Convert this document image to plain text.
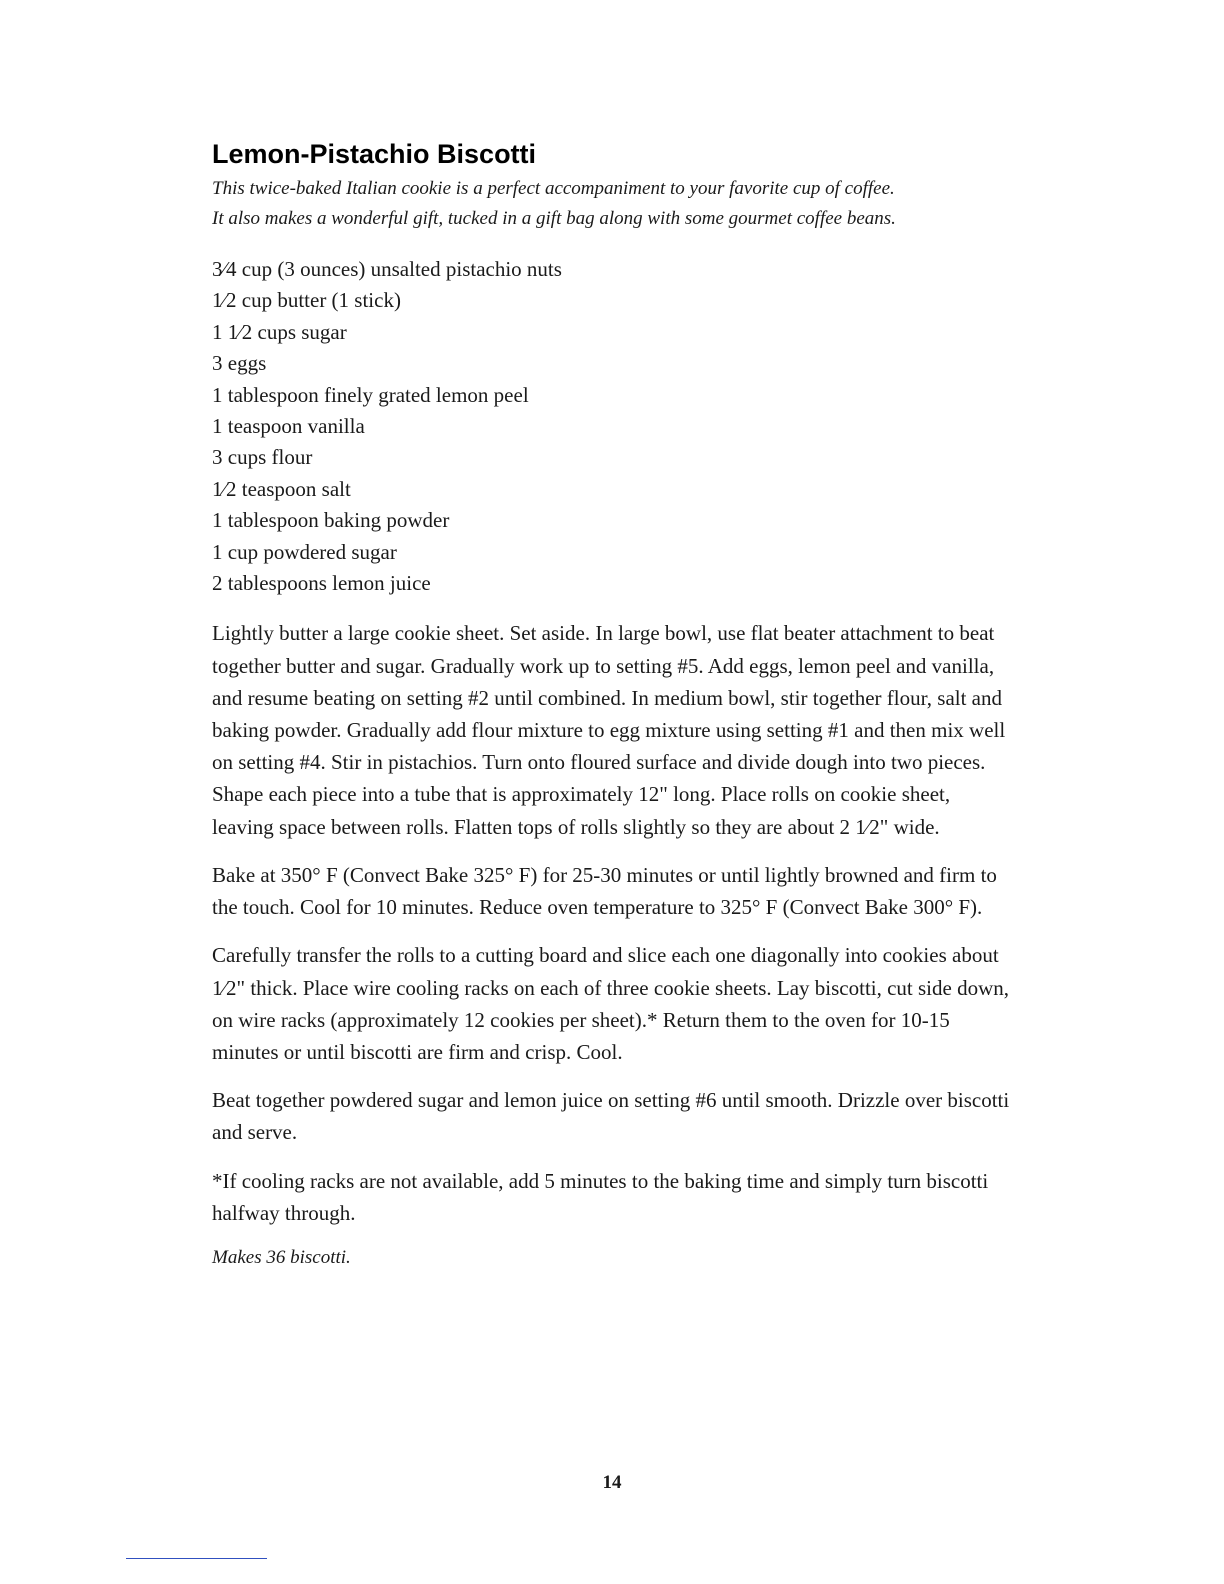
Lemon-Pistachio Biscotti

This twice-baked Italian cookie is a perfect accompaniment to your favorite cup of coffee.
It also makes a wonderful gift, tucked in a gift bag along with some gourmet coffee beans.

3⁄4 cup (3 ounces) unsalted pistachio nuts
1⁄2 cup butter (1 stick)
1 1⁄2 cups sugar
3 eggs
1 tablespoon finely grated lemon peel
1 teaspoon vanilla
3 cups flour
1⁄2 teaspoon salt
1 tablespoon baking powder
1 cup powdered sugar
2 tablespoons lemon juice

Lightly butter a large cookie sheet. Set aside. In large bowl, use flat beater attachment to beat together butter and sugar. Gradually work up to setting #5. Add eggs, lemon peel and vanilla, and resume beating on setting #2 until combined. In medium bowl, stir together flour, salt and baking powder. Gradually add flour mixture to egg mixture using setting #1 and then mix well on setting #4. Stir in pistachios. Turn onto floured surface and divide dough into two pieces. Shape each piece into a tube that is approximately 12" long. Place rolls on cookie sheet, leaving space between rolls. Flatten tops of rolls slightly so they are about 2 1⁄2" wide.

Bake at 350° F (Convect Bake 325° F) for 25-30 minutes or until lightly browned and firm to the touch. Cool for 10 minutes. Reduce oven temperature to 325° F (Convect Bake 300° F).

Carefully transfer the rolls to a cutting board and slice each one diagonally into cookies about 1⁄2" thick. Place wire cooling racks on each of three cookie sheets. Lay biscotti, cut side down, on wire racks (approximately 12 cookies per sheet).* Return them to the oven for 10-15 minutes or until biscotti are firm and crisp. Cool.

Beat together powdered sugar and lemon juice on setting #6 until smooth. Drizzle over biscotti and serve.

*If cooling racks are not available, add 5 minutes to the baking time and simply turn biscotti halfway through.

Makes 36 biscotti.

14
